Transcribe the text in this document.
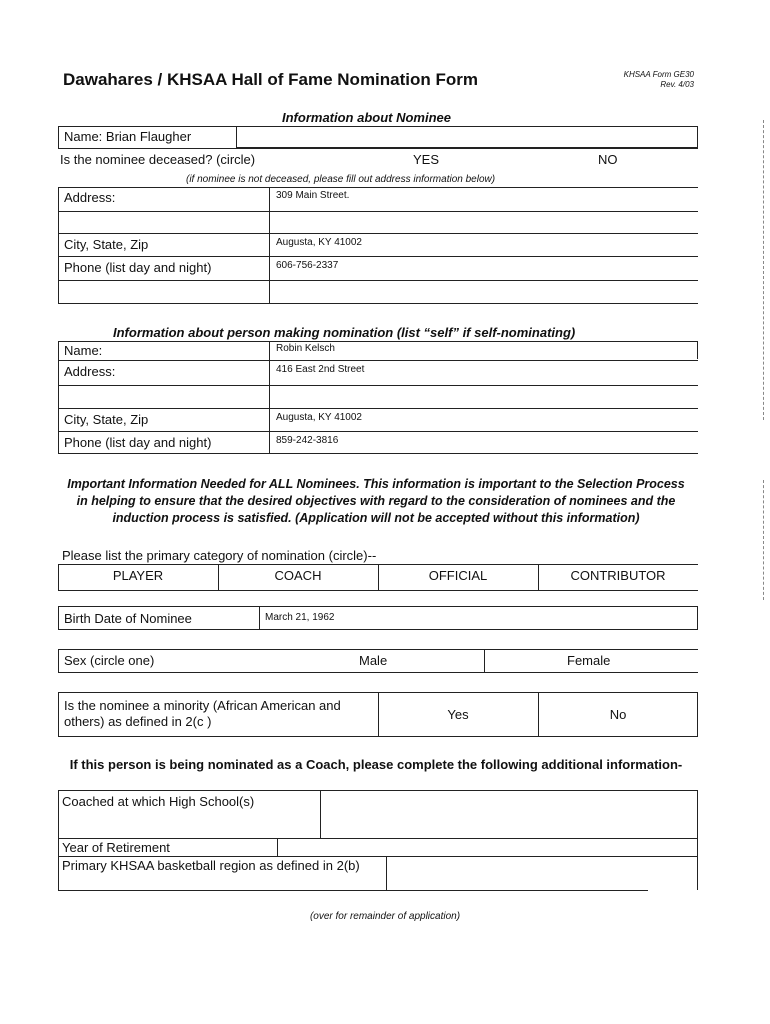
Dawahares / KHSAA Hall of Fame Nomination Form	KHSAA Form GE30
Rev. 4/03
Information about Nominee
Name: Brian Flaugher
Is the nominee deceased? (circle)	YES	NO
(if nominee is not deceased, please fill out address information below)
Address:	309 Main Street.
City, State, Zip	Augusta, KY 41002
Phone (list day and night)	606-756-2337
Information about person making nomination (list “self” if self-nominating)
Name:	Robin Kelsch
Address:	416 East 2nd Street
City, State, Zip	Augusta, KY 41002
Phone (list day and night)	859-242-3816
Important Information Needed for ALL Nominees. This information is important to the Selection Process in helping to ensure that the desired objectives with regard to the consideration of nominees and the induction process is satisfied. (Application will not be accepted without this information)
Please list the primary category of nomination (circle)--
PLAYER	COACH	OFFICIAL	CONTRIBUTOR
Birth Date of Nominee	March 21, 1962
Sex (circle one)	Male	Female
Is the nominee a minority (African American and others) as defined in 2(c )	Yes	No
If this person is being nominated as a Coach, please complete the following additional information-
Coached at which High School(s)
Year of Retirement
Primary KHSAA basketball region as defined in 2(b)
(over for remainder of application)
